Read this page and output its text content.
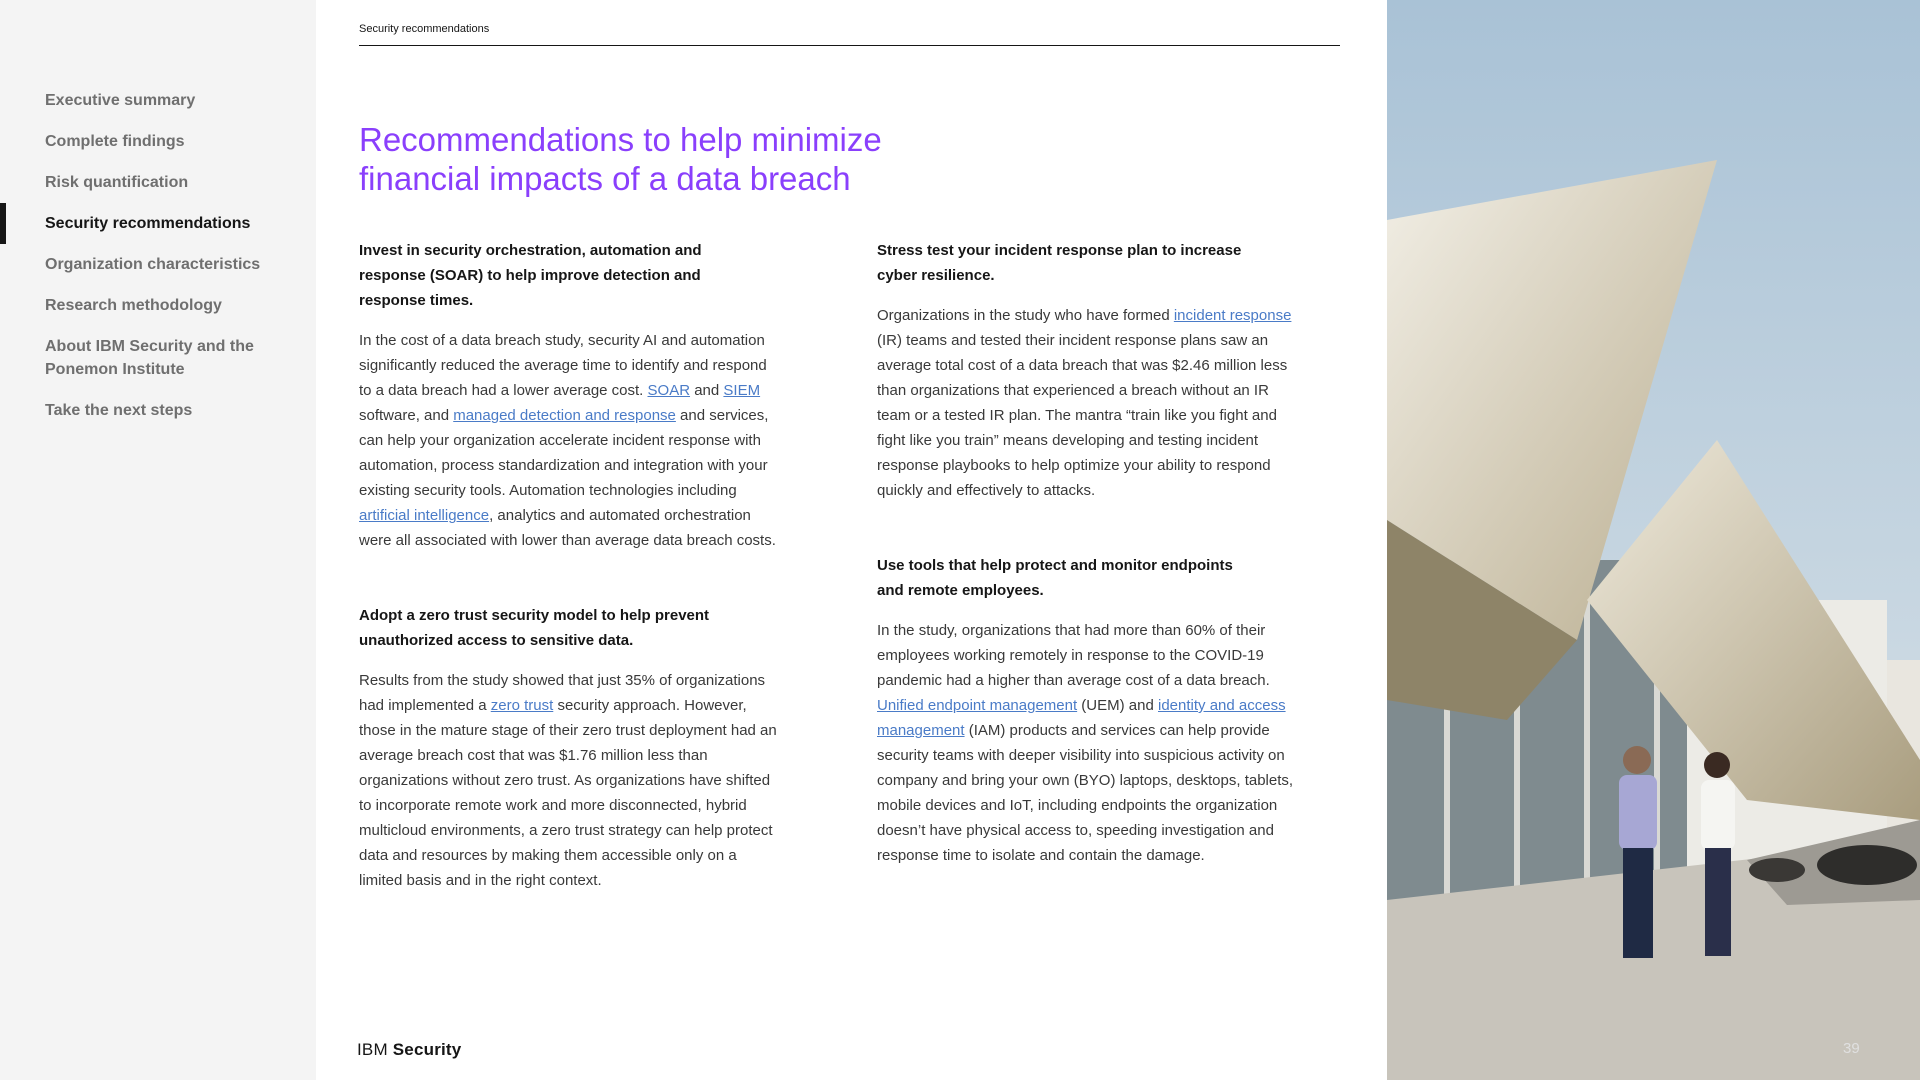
Executive summary
Complete findings
Risk quantification
Security recommendations
Organization characteristics
Research methodology
About IBM Security and the Ponemon Institute
Take the next steps
Security recommendations
Recommendations to help minimize financial impacts of a data breach
Invest in security orchestration, automation and response (SOAR) to help improve detection and response times.

In the cost of a data breach study, security AI and automation significantly reduced the average time to identify and respond to a data breach had a lower average cost. SOAR and SIEM software, and managed detection and response and services, can help your organization accelerate incident response with automation, process standardization and integration with your existing security tools. Automation technologies including artificial intelligence, analytics and automated orchestration were all associated with lower than average data breach costs.

Adopt a zero trust security model to help prevent unauthorized access to sensitive data.

Results from the study showed that just 35% of organizations had implemented a zero trust security approach. However, those in the mature stage of their zero trust deployment had an average breach cost that was $1.76 million less than organizations without zero trust. As organizations have shifted to incorporate remote work and more disconnected, hybrid multicloud environments, a zero trust strategy can help protect data and resources by making them accessible only on a limited basis and in the right context.

Stress test your incident response plan to increase cyber resilience.

Organizations in the study who have formed incident response (IR) teams and tested their incident response plans saw an average total cost of a data breach that was $2.46 million less than organizations that experienced a breach without an IR team or a tested IR plan. The mantra “train like you fight and fight like you train” means developing and testing incident response playbooks to help optimize your ability to respond quickly and effectively to attacks.

Use tools that help protect and monitor endpoints and remote employees.

In the study, organizations that had more than 60% of their employees working remotely in response to the COVID-19 pandemic had a higher than average cost of a data breach. Unified endpoint management (UEM) and identity and access management (IAM) products and services can help provide security teams with deeper visibility into suspicious activity on company and bring your own (BYO) laptops, desktops, tablets, mobile devices and IoT, including endpoints the organization doesn’t have physical access to, speeding investigation and response time to isolate and contain the damage.

IBM Security	39
